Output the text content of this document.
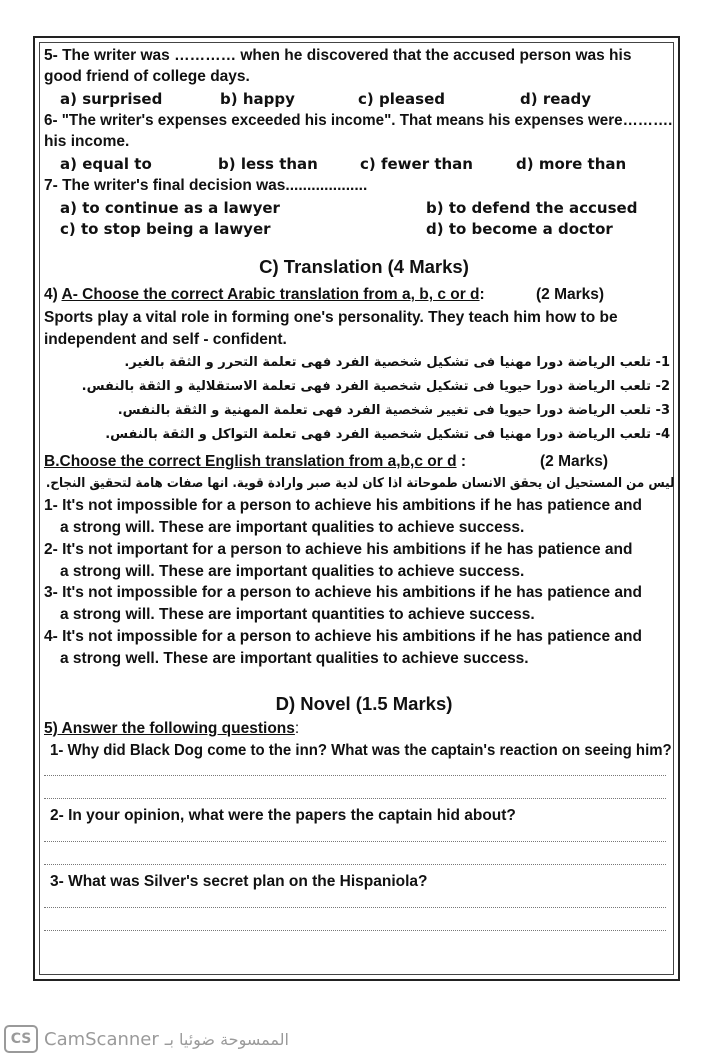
5- The writer was ………… when he discovered that the accused person was his
good friend of college days.
a) surprised	b) happy	c) pleased	d) ready
6- "The writer's expenses exceeded his income". That means his expenses were……….
his income.
a) equal to	b) less than	c) fewer than	d) more than
7- The writer's final decision was...................
a) to continue as a lawyer	b) to defend the accused
c) to stop being a lawyer	d) to become a doctor
C) Translation (4 Marks)
4) A- Choose the correct Arabic translation from a, b, c or d:	(2 Marks)
Sports play a vital role in forming one's personality. They teach him how to be
independent and self - confident.
1- تلعب الرياضة دورا مهنيا فى تشكيل شخصية الفرد فهى تعلمة التحرر و الثقة بالغير.
2- تلعب الرياضة دورا حيويا فى تشكيل شخصية الفرد فهى تعلمة الاستقلالية و الثقة بالنفس.
3- تلعب الرياضة دورا حيويا فى تغيير شخصية الفرد فهى تعلمة المهنية و الثقة بالنفس.
4- تلعب الرياضة دورا مهنيا فى تشكيل شخصية الفرد فهى تعلمة التواكل و الثقة بالنفس.
B.Choose the correct English translation from a,b,c or d :	(2 Marks)
ليس من المستحيل ان يحقق الانسان طموحاتة اذا كان لدية صبر وارادة قوية. انها صفات هامة لتحقيق النجاح.
1- It's not impossible for a person to achieve his ambitions if he has patience and
a strong will. These are important qualities to achieve success.
2- It's not important for a person to achieve his ambitions if he has patience and
a strong will. These are important qualities to achieve success.
3- It's not impossible for a person to achieve his ambitions if he has patience and
a strong will. These are important quantities to achieve success.
4- It's not impossible for a person to achieve his ambitions if he has patience and
a strong well. These are important qualities to achieve success.
D) Novel (1.5 Marks)
5) Answer the following questions:
1- Why did Black Dog come to the inn? What was the captain's reaction on seeing him?
2- In your opinion, what were the papers the captain hid about?
3- What was Silver's secret plan on the Hispaniola?
CS CamScanner الممسوحة ضوئيا بـ
